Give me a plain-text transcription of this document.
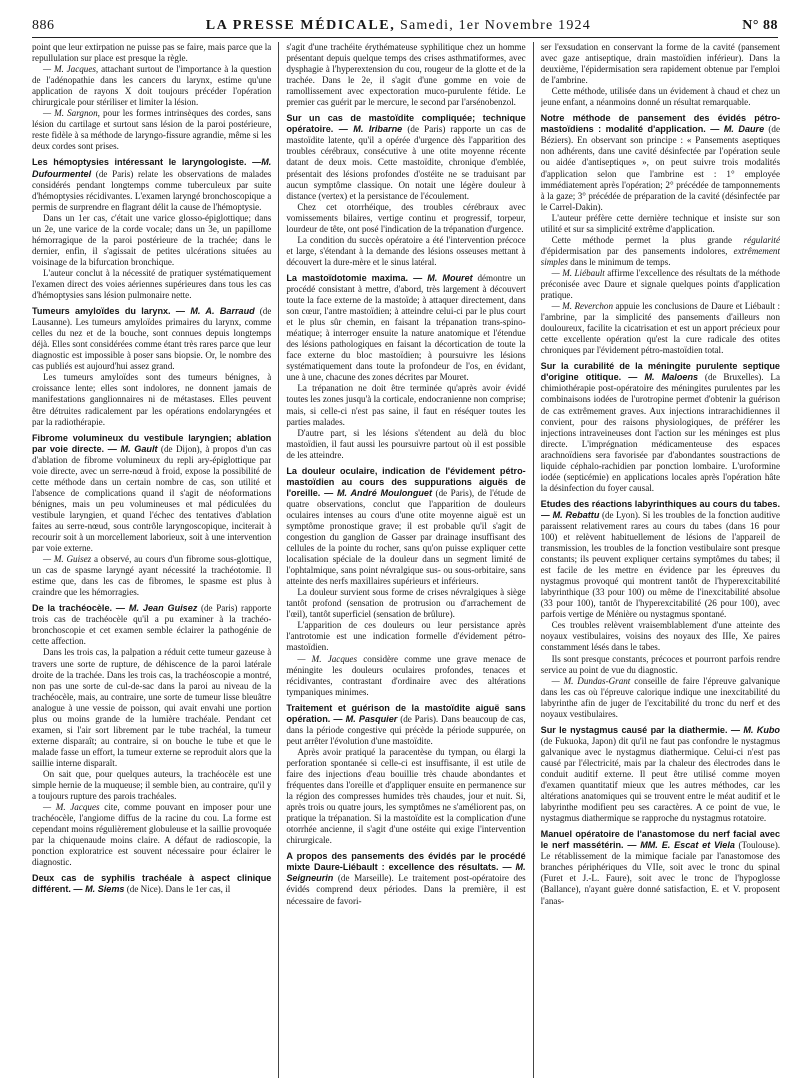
886	LA PRESSE MÉDICALE, Samedi, 1er Novembre 1924	N° 88

point que leur extirpation ne puisse pas se faire, mais parce que la repullulation sur place est presque la règle.

— M. Jacques, attachant surtout de l'importance à la question de l'adénopathie dans les cancers du larynx, estime qu'une application de rayons X doit toujours précéder l'opération chirurgicale pour stériliser et limiter la lésion.

— M. Sargnon, pour les formes intrinsèques des cordes, sans lésion du cartilage et surtout sans lésion de la paroi postérieure, reste fidèle à sa méthode de laryngo-fissure agrandie, même si les deux cordes sont prises.

Les hémoptysies intéressant le laryngologiste. —M. Dufourmentel (de Paris) relate les observations de malades considérés pendant longtemps comme tuberculeux par suite d'hémoptysies récidivantes. L'examen laryngé bronchoscopique a permis de surprendre en flagrant délit la cause de l'hémoptysie.

Dans un 1er cas, c'était une varice glosso-épiglottique; dans un 2e, une varice de la corde vocale; dans un 3e, un papillome hémorragique de la paroi postérieure de la trachée; dans le dernier, enfin, il s'agissait de petites ulcérations situées au voisinage de la bifurcation bronchique.

L'auteur conclut à la nécessité de pratiquer systématiquement l'examen direct des voies aériennes supérieures dans tous les cas d'hémoptysies sans lésion pulmonaire nette.

Tumeurs amyloïdes du larynx. — M. A. Barraud (de Lausanne). Les tumeurs amyloïdes primaires du larynx, comme celles du nez et de la bouche, sont connues depuis longtemps déjà. Elles sont considérées comme étant très rares parce que leur diagnostic est impossible à poser sans biopsie. Or, le nombre des cas publiés est aujourd'hui assez grand.

Les tumeurs amyloïdes sont des tumeurs bénignes, à croissance lente; elles sont indolores, ne donnent jamais de manifestations ganglionnaires ni de métastases. Elles peuvent être détruites radicalement par les opérations endolaryngées et par la radiothérapie.

Fibrome volumineux du vestibule laryngien; ablation par voie directe. — M. Gault (de Dijon), à propos d'un cas d'ablation de fibrome volumineux du repli ary-épiglottique par voie directe, avec un serre-nœud à froid, expose la possibilité de cette méthode dans un certain nombre de cas, son utilité et l'absence de complications quand il s'agit de néoformations bénignes, mais un peu volumineuses et mal pédiculées du vestibule laryngien, et quand l'échec des tentatives d'ablation faites au serre-nœud, sous contrôle laryngoscopique, inciterait à recourir soit à un morcellement laborieux, soit à une intervention par voie externe.

— M. Guisez a observé, au cours d'un fibrome sous-glottique, un cas de spasme laryngé ayant nécessité la trachéotomie. Il estime que, dans les cas de fibromes, le spasme est plus à craindre que les hémorragies.

De la trachéocèle. — M. Jean Guisez (de Paris) rapporte trois cas de trachéocèle qu'il a pu examiner à la trachéo-bronchoscopie et cet examen semble éclairer la pathogénie de cette affection.

Dans les trois cas, la palpation a réduit cette tumeur gazeuse à travers une sorte de rupture, de déhiscence de la paroi latérale droite de la trachée. Dans les trois cas, la trachéoscopie a montré, non pas une sorte de cul-de-sac dans la paroi au niveau de la trachéocèle, mais, au contraire, une sorte de tumeur lisse bleuâtre analogue à une vessie de poisson, qui avait envahi une portion plus ou moins grande de la lumière trachéale. Pendant cet examen, si l'air sort librement par le tube trachéal, la tumeur externe disparaît; au contraire, si on bouche le tube et que le malade fasse un effort, la tumeur externe se reproduit alors que la saillie interne disparaît.

On sait que, pour quelques auteurs, la trachéocèle est une simple hernie de la muqueuse; il semble bien, au contraire, qu'il y a toujours rupture des parois trachéales.

— M. Jacques cite, comme pouvant en imposer pour une trachéocèle, l'angiome diffus de la racine du cou. La forme est cependant moins régulièrement globuleuse et la saillie provoquée par la chiquenaude moins claire. A défaut de radioscopie, la ponction exploratrice est souvent nécessaire pour éclairer le diagnostic.

Deux cas de syphilis trachéale à aspect clinique différent. — M. Siems (de Nice). Dans le 1er cas, il

s'agit d'une trachéite érythémateuse syphilitique chez un homme présentant depuis quelque temps des crises asthmatiformes, avec dysphagie à l'hyperextension du cou, rougeur de la glotte et de la trachée. Dans le 2e, il s'agit d'une gomme en voie de ramollissement avec expectoration muco-purulente fétide. Le premier cas guérit par le mercure, le second par l'arsénobenzol.

Sur un cas de mastoïdite compliquée; technique opératoire. — M. Iribarne (de Paris) rapporte un cas de mastoïdite latente, qu'il a opérée d'urgence dès l'apparition des troubles cérébraux, consécutive à une otite moyenne récente datant de deux mois. Cette mastoïdite, chronique d'emblée, présentait des lésions profondes d'ostéite ne se traduisant par aucun symptôme classique. On notait une légère douleur à distance (vertex) et la persistance de l'écoulement.

Chez cet otorrhéique, des troubles cérébraux avec vomissements bilaires, vertige continu et progressif, torpeur, lourdeur de tête, ont posé l'indication de la trépanation d'urgence.

La condition du succès opératoire a été l'intervention précoce et large, s'étendant à la demande des lésions osseuses mettant à découvert la dure-mère et le sinus latéral.

La mastoïdotomie maxima. — M. Mouret démontre un procédé consistant à mettre, d'abord, très largement à découvert toute la face externe de la mastoïde; à attaquer directement, dans son cœur, l'antre mastoïdien; à atteindre celui-ci par le plus court et le plus sûr chemin, en faisant la trépanation trans-spino-méatique; à interroger ensuite la nature anatomique et l'étendue des lésions pathologiques en faisant la décortication de toute la face externe du bloc mastoïdien; à poursuivre les lésions systématiquement dans toute la profondeur de l'os, en évidant, une à une, chacune des zones décrites par Mouret.

La trépanation ne doit être terminée qu'après avoir évidé toutes les zones jusqu'à la corticale, endocranienne non comprise; mais, si celle-ci n'est pas saine, il faut en réséquer toutes les parties malades.

D'autre part, si les lésions s'étendent au delà du bloc mastoïdien, il faut aussi les poursuivre partout où il est possible de les atteindre.

La douleur oculaire, indication de l'évidement pétro-mastoïdien au cours des suppurations aiguës de l'oreille. — M. André Moulonguet (de Paris), de l'étude de quatre observations, conclut que l'apparition de douleurs oculaires intenses au cours d'une otite moyenne aiguë est un symptôme pronostique grave; il est probable qu'il s'agit de congestion du ganglion de Gasser par drainage insuffisant des cellules de la pointe du rocher, sans qu'on puisse expliquer cette localisation spéciale de la douleur dans un segment limité de l'ophtalmique, sans point névralgique sus- ou sous-orbitaire, sans atteinte des nerfs maxillaires supérieurs et inférieurs.

La douleur survient sous forme de crises névralgiques à siège tantôt profond (sensation de protrusion ou d'arrachement de l'œil), tantôt superficiel (sensation de brûlure).

L'apparition de ces douleurs ou leur persistance après l'antrotomie est une indication formelle d'évidement pétro-mastoïdien.

— M. Jacques considère comme une grave menace de méningite les douleurs oculaires profondes, tenaces et récidivantes, contrastant d'ordinaire avec des altérations tympaniques minimes.

Traitement et guérison de la mastoïdite aiguë sans opération. — M. Pasquier (de Paris). Dans beaucoup de cas, dans la période congestive qui précède la période suppurée, on peut arrêter l'évolution d'une mastoïdite.

Après avoir pratiqué la paracentèse du tympan, ou élargi la perforation spontanée si celle-ci est insuffisante, il est utile de faire des injections d'eau bouillie très chaude abondantes et fréquentes dans l'oreille et d'appliquer ensuite en permanence sur la région des compresses humides très chaudes, jour et nuit. Si, après trois ou quatre jours, les symptômes ne s'améliorent pas, on pratique la trépanation. Si la mastoïdite est la complication d'une otorrhée ancienne, il s'agit d'une ostéite qui exige l'intervention chirurgicale.

A propos des pansements des évidés par le procédé mixte Daure-Liébault : excellence des résultats. — M. Seigneurin (de Marseille). Le traitement post-opératoire des évidés comprend deux périodes. Dans la première, il est nécessaire de favori-

ser l'exsudation en conservant la forme de la cavité (pansement avec gaze antiseptique, drain mastoïdien inférieur). Dans la deuxième, l'épidermisation sera rapidement obtenue par l'emploi de l'ambrine.

Cette méthode, utilisée dans un évidement à chaud et chez un jeune enfant, a néanmoins donné un résultat remarquable.

Notre méthode de pansement des évidés pétro-mastoïdiens : modalité d'application. — M. Daure (de Béziers). En observant son principe : « Pansements aseptiques non adhérents, dans une cavité désinfectée par l'opération seule ou aidée d'antiseptiques », on peut suivre trois modalités d'application selon que l'ambrine est : 1° employée immédiatement après l'opération; 2° précédée de tamponnements à la gaze; 3° précédée de préparation de la cavité (désinfectée par le Carrel-Dakin).

L'auteur préfère cette dernière technique et insiste sur son utilité et sur sa simplicité extrême d'application.

Cette méthode permet la plus grande régularité d'épidermisation par des pansements indolores, extrêmement simples dans le minimum de temps.

— M. Liébault affirme l'excellence des résultats de la méthode préconisée avec Daure et signale quelques points d'application pratique.

— M. Reverchon appuie les conclusions de Daure et Liébault : l'ambrine, par la simplicité des pansements d'ailleurs non douloureux, facilite la cicatrisation et est un apport précieux pour cette excellente opération qu'est la cure radicale des otites chroniques par l'évidement pétro-mastoïdien total.

Sur la curabilité de la méningite purulente septique d'origine otitique. — M. Maloens (de Bruxelles). La chimiothérapie post-opératoire des méningites purulentes par les combinaisons iodées de l'urotropine permet d'obtenir la guérison de cas extrêmement graves. Aux injections intrarachidiennes il convient, pour des raisons physiologiques, de préférer les injections intraveineuses dont l'action sur les méninges est plus directe. L'imprégnation médicamenteuse des espaces arachnoïdiens sera favorisée par d'abondantes soustractions de liquide céphalo-rachidien par ponction lombaire. L'uroformine iodée (septicémie) en applications locales après l'opération hâte la désinfection du foyer causal.
Etudes des réactions labyrinthiques au cours du tabes. — M. Rebattu (de Lyon). Si les troubles de la fonction auditive paraissent relativement rares au cours du tabes (dans 16 pour 100) et relèvent habituellement de lésions de l'appareil de transmission, les troubles de la fonction vestibulaire sont presque constants; ils peuvent expliquer certains symptômes du tabes; il est facile de les mettre en évidence par les épreuves du nystagmus provoqué qui montrent tantôt de l'hyperexcitabilité labyrinthique (33 pour 100) ou même de l'inexcitabilité absolue (33 pour 100), tantôt de l'hyperexcitabilité (26 pour 100), avec parfois vertige de Ménière ou nystagmus spontané.

Ces troubles relèvent vraisemblablement d'une atteinte des noyaux vestibulaires, voisins des noyaux des IIIe, Xe paires constamment lésés dans le tabes.

Ils sont presque constants, précoces et pourront parfois rendre service au point de vue du diagnostic.

— M. Dundas-Grant conseille de faire l'épreuve galvanique dans les cas où l'épreuve calorique indique une inexcitabilité du labyrinthe afin de juger de l'excitabilité du tronc du nerf et des noyaux vestibulaires.

Sur le nystagmus causé par la diathermie. — M. Kubo (de Fukuoka, Japon) dit qu'il ne faut pas confondre le nystagmus galvanique avec le nystagmus diathermique. Celui-ci n'est pas causé par l'électricité, mais par la chaleur des électrodes dans le conduit auditif externe. Il peut être utilisé comme moyen d'examen quantitatif mieux que les autres méthodes, car les altérations anatomiques qui se trouvent entre le méat auditif et le labyrinthe modifient peu ses caractères. A ce point de vue, le nystagmus diathermique se rapproche du nystagmus rotatoire.
Manuel opératoire de l'anastomose du nerf facial avec le nerf massétérin. — MM. E. Escat et Viela (Toulouse). Le rétablissement de la mimique faciale par l'anastomose des branches périphériques du VIIe, soit avec le tronc du spinal (Furet et J.-L. Faure), soit avec le tronc de l'hypoglosse (Ballance), n'ayant guère donné satisfaction, E. et V. proposent l'anas-
